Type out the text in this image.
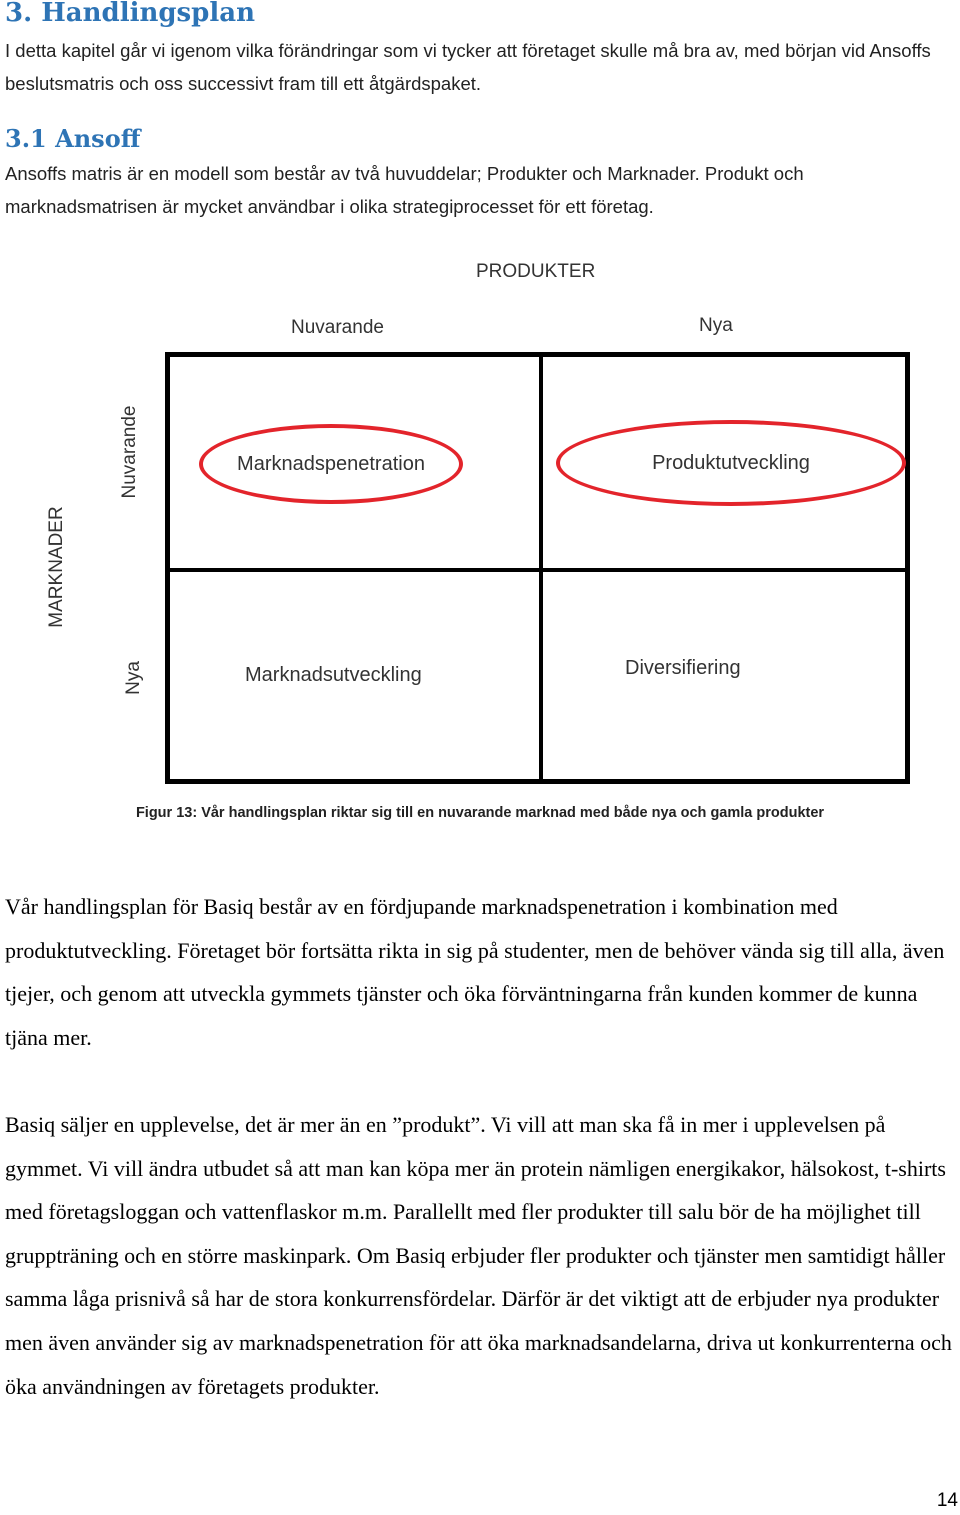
3. Handlingsplan

I detta kapitel går vi igenom vilka förändringar som vi tycker att företaget skulle må bra av, med början vid Ansoffs beslutsmatris och oss successivt fram till ett åtgärdspaket.

3.1 Ansoff

Ansoffs matris är en modell som består av två huvuddelar; Produkter och Marknader. Produkt och marknadsmatrisen är mycket användbar i olika strategiprocesset för ett företag.

PRODUKTER

Nuvarande	Nya

MARKNADER

Nuvarande

Nya

Marknadspenetration	Produktutveckling
Marknadsutveckling	Diversifiering

Figur 13: Vår handlingsplan riktar sig till en nuvarande marknad med både nya och gamla produkter

Vår handlingsplan för Basiq består av en fördjupande marknadspenetration i kombination med produktutveckling. Företaget bör fortsätta rikta in sig på studenter, men de behöver vända sig till alla, även tjejer, och genom att utveckla gymmets tjänster och öka förväntningarna från kunden kommer de kunna tjäna mer.

Basiq säljer en upplevelse, det är mer än en ”produkt”. Vi vill att man ska få in mer i upplevelsen på gymmet. Vi vill ändra utbudet så att man kan köpa mer än protein nämligen energikakor, hälsokost, t-shirts med företagsloggan och vattenflaskor m.m. Parallellt med fler produkter till salu bör de ha möjlighet till gruppträning och en större maskinpark. Om Basiq erbjuder fler produkter och tjänster men samtidigt håller samma låga prisnivå så har de stora konkurrensfördelar. Därför är det viktigt att de erbjuder nya produkter men även använder sig av marknadspenetration för att öka marknadsandelarna, driva ut konkurrenterna och öka användningen av företagets produkter.

14
